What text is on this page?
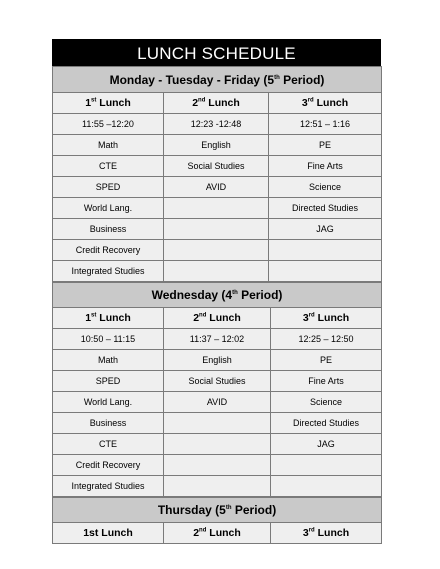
LUNCH SCHEDULE
Monday - Tuesday - Friday (5th Period)		
1st Lunch	2nd Lunch	3rd Lunch
11:55 –12:20	12:23 -12:48	12:51 – 1:16
Math	English	PE
CTE	Social Studies	Fine Arts
SPED	AVID	Science
World Lang.		Directed Studies
Business		JAG
Credit Recovery		
Integrated Studies		
Wednesday (4th Period)		
1st Lunch	2nd Lunch	3rd Lunch
10:50 – 11:15	11:37 – 12:02	12:25 – 12:50
Math	English	PE
SPED	Social Studies	Fine Arts
World Lang.	AVID	Science
Business		Directed Studies
CTE		JAG
Credit Recovery		
Integrated Studies		
Thursday (5th Period)
1st Lunch	2nd Lunch	3rd Lunch
